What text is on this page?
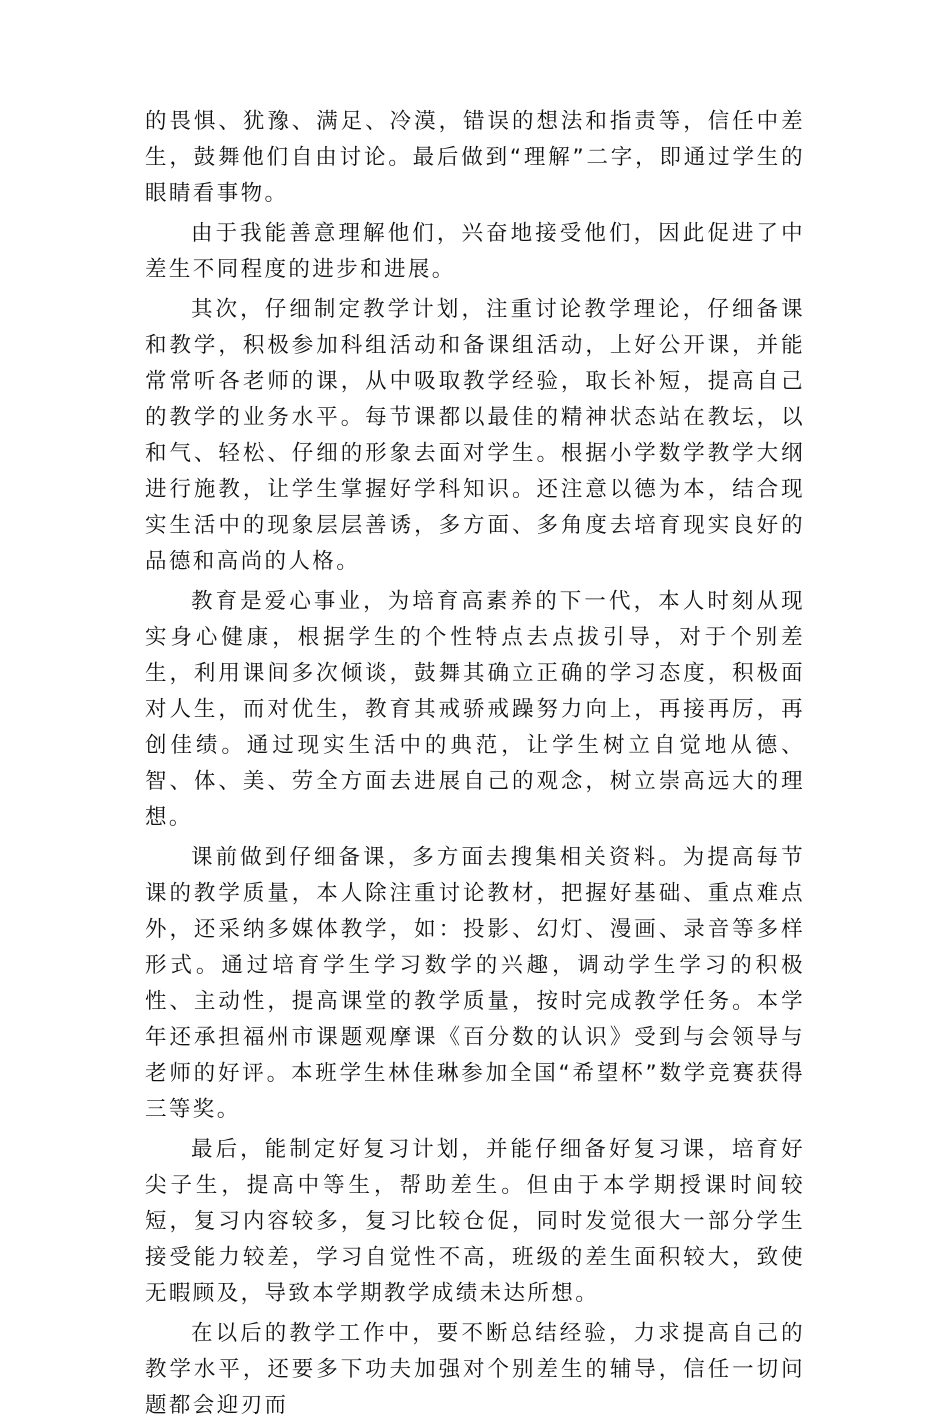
的畏惧、犹豫、满足、冷漠，错误的想法和指责等，信任中差生，鼓舞他们自由讨论。最后做到“理解”二字，即通过学生的眼睛看事物。

由于我能善意理解他们，兴奋地接受他们，因此促进了中差生不同程度的进步和进展。

其次，仔细制定教学计划，注重讨论教学理论，仔细备课和教学，积极参加科组活动和备课组活动，上好公开课，并能常常听各老师的课，从中吸取教学经验，取长补短，提高自己的教学的业务水平。每节课都以最佳的精神状态站在教坛，以和气、轻松、仔细的形象去面对学生。根据小学数学教学大纲进行施教，让学生掌握好学科知识。还注意以德为本，结合现实生活中的现象层层善诱，多方面、多角度去培育现实良好的品德和高尚的人格。

教育是爱心事业，为培育高素养的下一代，本人时刻从现实身心健康，根据学生的个性特点去点拔引导，对于个别差生，利用课间多次倾谈，鼓舞其确立正确的学习态度，积极面对人生，而对优生，教育其戒骄戒躁努力向上，再接再厉，再创佳绩。通过现实生活中的典范，让学生树立自觉地从德、智、体、美、劳全方面去进展自己的观念，树立崇高远大的理想。

课前做到仔细备课，多方面去搜集相关资料。为提高每节课的教学质量，本人除注重讨论教材，把握好基础、重点难点外，还采纳多媒体教学，如：投影、幻灯、漫画、录音等多样形式。通过培育学生学习数学的兴趣，调动学生学习的积极性、主动性，提高课堂的教学质量，按时完成教学任务。本学年还承担福州市课题观摩课《百分数的认识》受到与会领导与老师的好评。本班学生林佳琳参加全国“希望杯”数学竞赛获得三等奖。

最后，能制定好复习计划，并能仔细备好复习课，培育好尖子生，提高中等生，帮助差生。但由于本学期授课时间较短，复习内容较多，复习比较仓促，同时发觉很大一部分学生接受能力较差，学习自觉性不高，班级的差生面积较大，致使无暇顾及，导致本学期教学成绩未达所想。

在以后的教学工作中，要不断总结经验，力求提高自己的教学水平，还要多下功夫加强对个别差生的辅导，信任一切问题都会迎刃而
